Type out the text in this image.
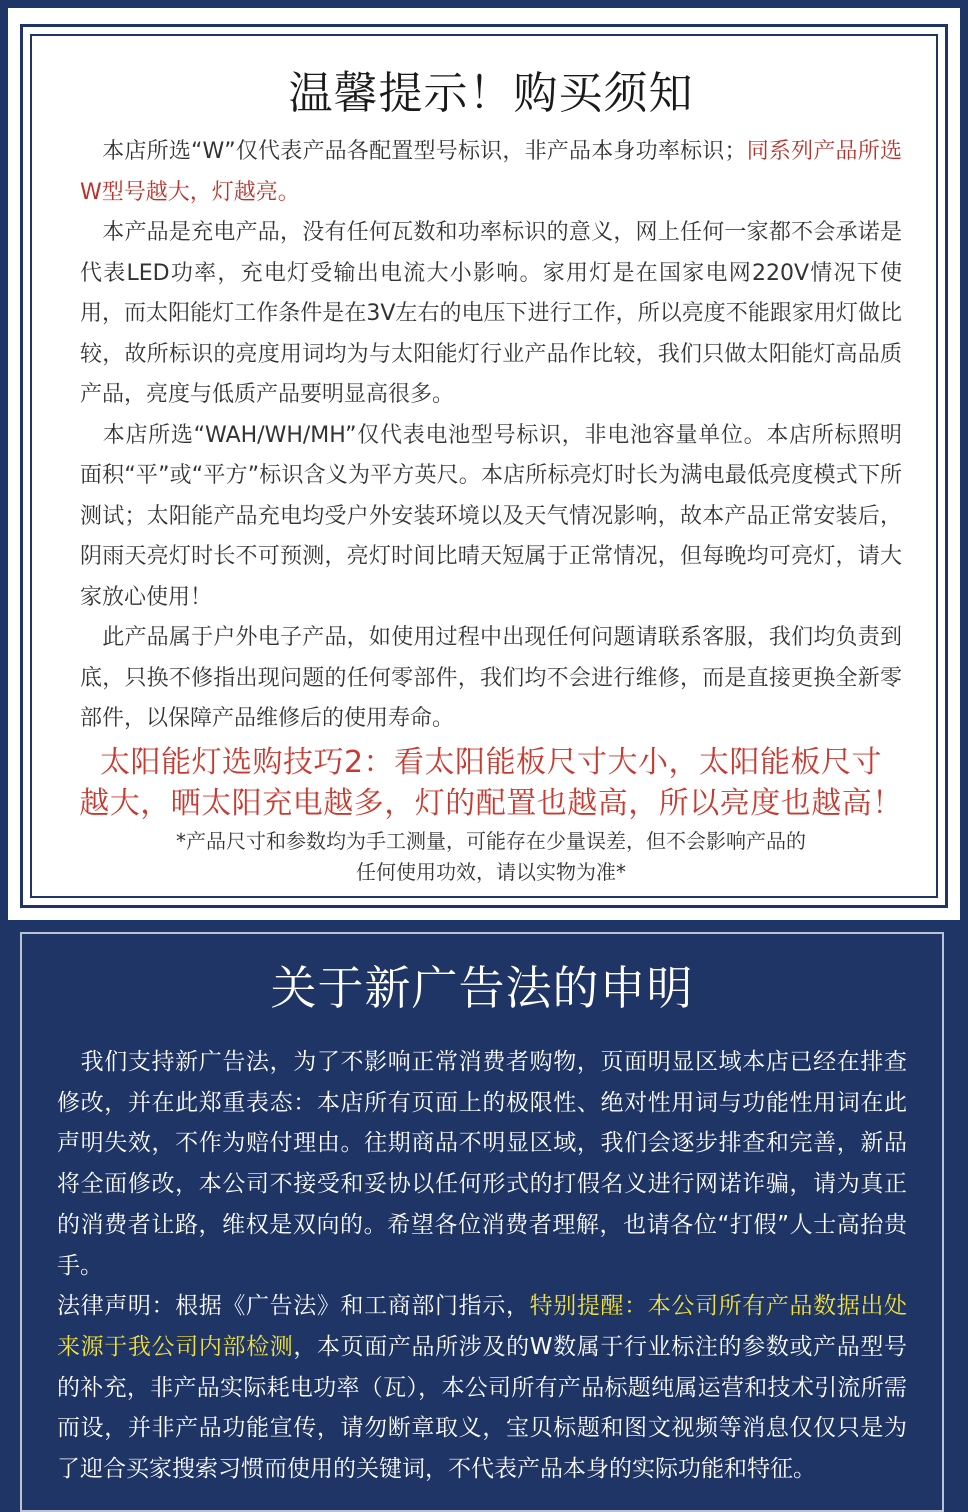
温馨提示！购买须知

本店所选“W”仅代表产品各配置型号标识，非产品本身功率标识；同系列产品所选W型号越大，灯越亮。

本产品是充电产品，没有任何瓦数和功率标识的意义，网上任何一家都不会承诺是代表LED功率，充电灯受输出电流大小影响。家用灯是在国家电网220V情况下使用，而太阳能灯工作条件是在3V左右的电压下进行工作，所以亮度不能跟家用灯做比较，故所标识的亮度用词均为与太阳能灯行业产品作比较，我们只做太阳能灯高品质产品，亮度与低质产品要明显高很多。

本店所选“WAH/WH/MH”仅代表电池型号标识，非电池容量单位。本店所标照明面积“平”或“平方”标识含义为平方英尺。本店所标亮灯时长为满电最低亮度模式下所测试；太阳能产品充电均受户外安装环境以及天气情况影响，故本产品正常安装后，阴雨天亮灯时长不可预测，亮灯时间比晴天短属于正常情况，但每晚均可亮灯，请大家放心使用！

此产品属于户外电子产品，如使用过程中出现任何问题请联系客服，我们均负责到底，只换不修指出现问题的任何零部件，我们均不会进行维修，而是直接更换全新零部件，以保障产品维修后的使用寿命。

太阳能灯选购技巧2：看太阳能板尺寸大小，太阳能板尺寸
越大，晒太阳充电越多，灯的配置也越高，所以亮度也越高！
*产品尺寸和参数均为手工测量，可能存在少量误差，但不会影响产品的
任何使用功效，请以实物为准*
关于新广告法的申明

我们支持新广告法，为了不影响正常消费者购物，页面明显区域本店已经在排查修改，并在此郑重表态：本店所有页面上的极限性、绝对性用词与功能性用词在此声明失效，不作为赔付理由。往期商品不明显区域，我们会逐步排查和完善，新品将全面修改，本公司不接受和妥协以任何形式的打假名义进行网诺诈骗，请为真正的消费者让路，维权是双向的。希望各位消费者理解，也请各位“打假”人士高抬贵手。

法律声明：根据《广告法》和工商部门指示，特别提醒：本公司所有产品数据出处来源于我公司内部检测，本页面产品所涉及的W数属于行业标注的参数或产品型号的补充，非产品实际耗电功率（瓦），本公司所有产品标题纯属运营和技术引流所需而设，并非产品功能宣传，请勿断章取义，宝贝标题和图文视频等消息仅仅只是为了迎合买家搜索习惯而使用的关键词，不代表产品本身的实际功能和特征。
